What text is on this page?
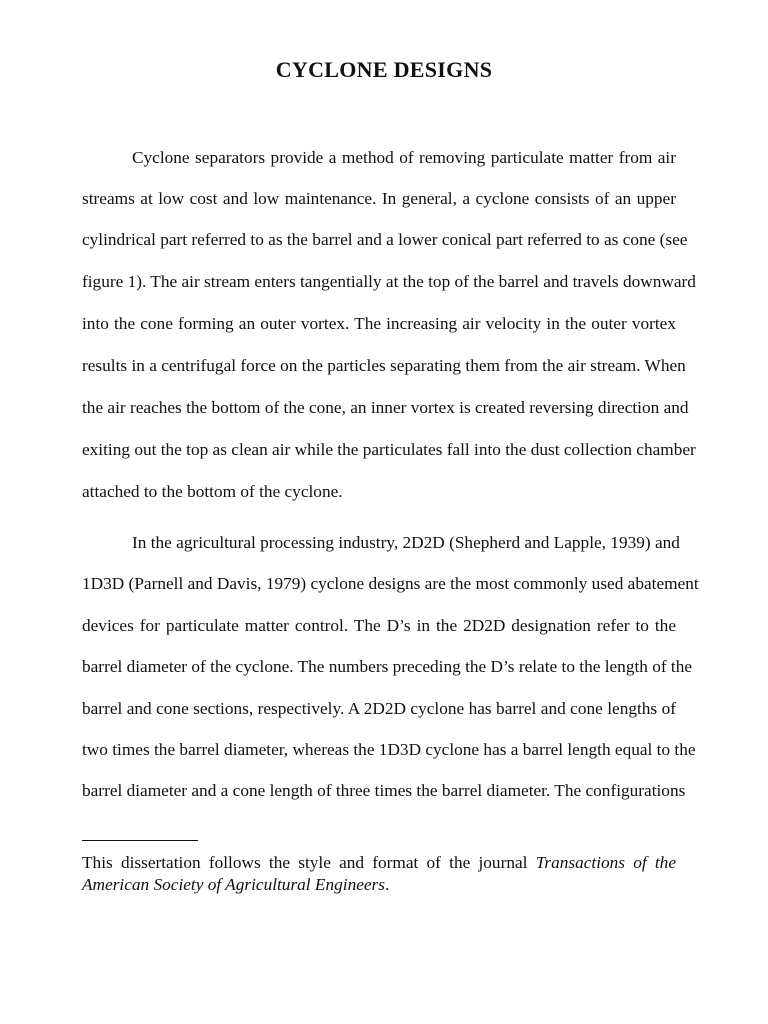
CYCLONE DESIGNS
Cyclone separators provide a method of removing particulate matter from air
streams at low cost and low maintenance. In general, a cyclone consists of an upper
cylindrical part referred to as the barrel and a lower conical part referred to as cone (see
figure 1). The air stream enters tangentially at the top of the barrel and travels downward
into the cone forming an outer vortex. The increasing air velocity in the outer vortex
results in a centrifugal force on the particles separating them from the air stream. When
the air reaches the bottom of the cone, an inner vortex is created reversing direction and
exiting out the top as clean air while the particulates fall into the dust collection chamber
attached to the bottom of the cyclone.
In the agricultural processing industry, 2D2D (Shepherd and Lapple, 1939) and
1D3D (Parnell and Davis, 1979) cyclone designs are the most commonly used abatement
devices for particulate matter control. The D’s in the 2D2D designation refer to the
barrel diameter of the cyclone. The numbers preceding the D’s relate to the length of the
barrel and cone sections, respectively. A 2D2D cyclone has barrel and cone lengths of
two times the barrel diameter, whereas the 1D3D cyclone has a barrel length equal to the
barrel diameter and a cone length of three times the barrel diameter. The configurations
This dissertation follows the style and format of the journal Transactions of the
American Society of Agricultural Engineers.
